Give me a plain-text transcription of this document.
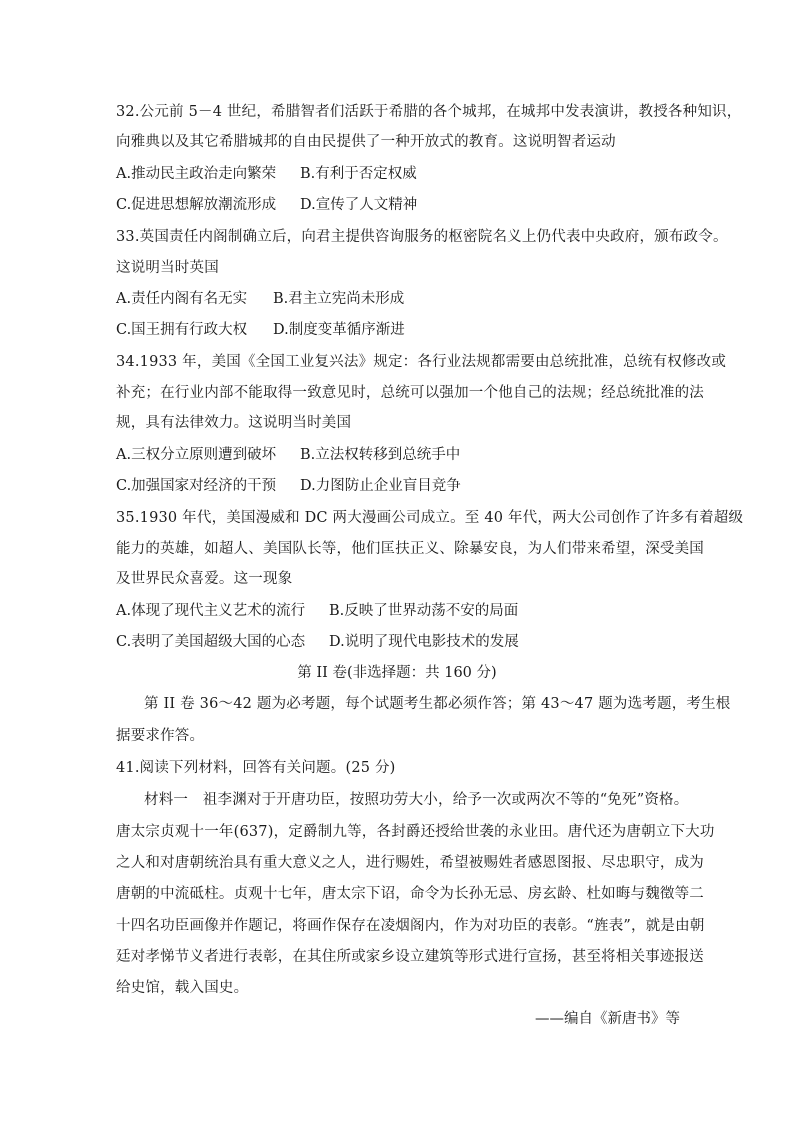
32.公元前 5－4 世纪，希腊智者们活跃于希腊的各个城邦，在城邦中发表演讲，教授各种知识，
向雅典以及其它希腊城邦的自由民提供了一种开放式的教育。这说明智者运动
A.推动民主政治走向繁荣 B.有利于否定权威
C.促进思想解放潮流形成 D.宣传了人文精神
33.英国责任内阁制确立后，向君主提供咨询服务的枢密院名义上仍代表中央政府，颁布政令。
这说明当时英国
A.责任内阁有名无实 B.君主立宪尚未形成
C.国王拥有行政大权 D.制度变革循序渐进
34.1933 年，美国《全国工业复兴法》规定：各行业法规都需要由总统批准，总统有权修改或
补充；在行业内部不能取得一致意见时，总统可以强加一个他自己的法规；经总统批准的法
规，具有法律效力。这说明当时美国
A.三权分立原则遭到破坏 B.立法权转移到总统手中
C.加强国家对经济的干预 D.力图防止企业盲目竞争
35.1930 年代，美国漫威和 DC 两大漫画公司成立。至 40 年代，两大公司创作了许多有着超级
能力的英雄，如超人、美国队长等，他们匡扶正义、除暴安良，为人们带来希望，深受美国
及世界民众喜爱。这一现象
A.体现了现代主义艺术的流行 B.反映了世界动荡不安的局面
C.表明了美国超级大国的心态 D.说明了现代电影技术的发展
第 II 卷(非选择题：共 160 分)
第 II 卷 36～42 题为必考题，每个试题考生都必须作答；第 43～47 题为选考题，考生根
据要求作答。
41.阅读下列材料，回答有关问题。(25 分)
材料一　祖李渊对于开唐功臣，按照功劳大小，给予一次或两次不等的“免死”资格。
唐太宗贞观十一年(637)，定爵制九等，各封爵还授给世袭的永业田。唐代还为唐朝立下大功
之人和对唐朝统治具有重大意义之人，进行赐姓，希望被赐姓者感恩图报、尽忠职守，成为
唐朝的中流砥柱。贞观十七年，唐太宗下诏，命令为长孙无忌、房玄龄、杜如晦与魏徵等二
十四名功臣画像并作题记，将画作保存在凌烟阁内，作为对功臣的表彰。“旌表”，就是由朝
廷对孝悌节义者进行表彰，在其住所或家乡设立建筑等形式进行宣扬，甚至将相关事迹报送
给史馆，载入国史。
——编自《新唐书》等
